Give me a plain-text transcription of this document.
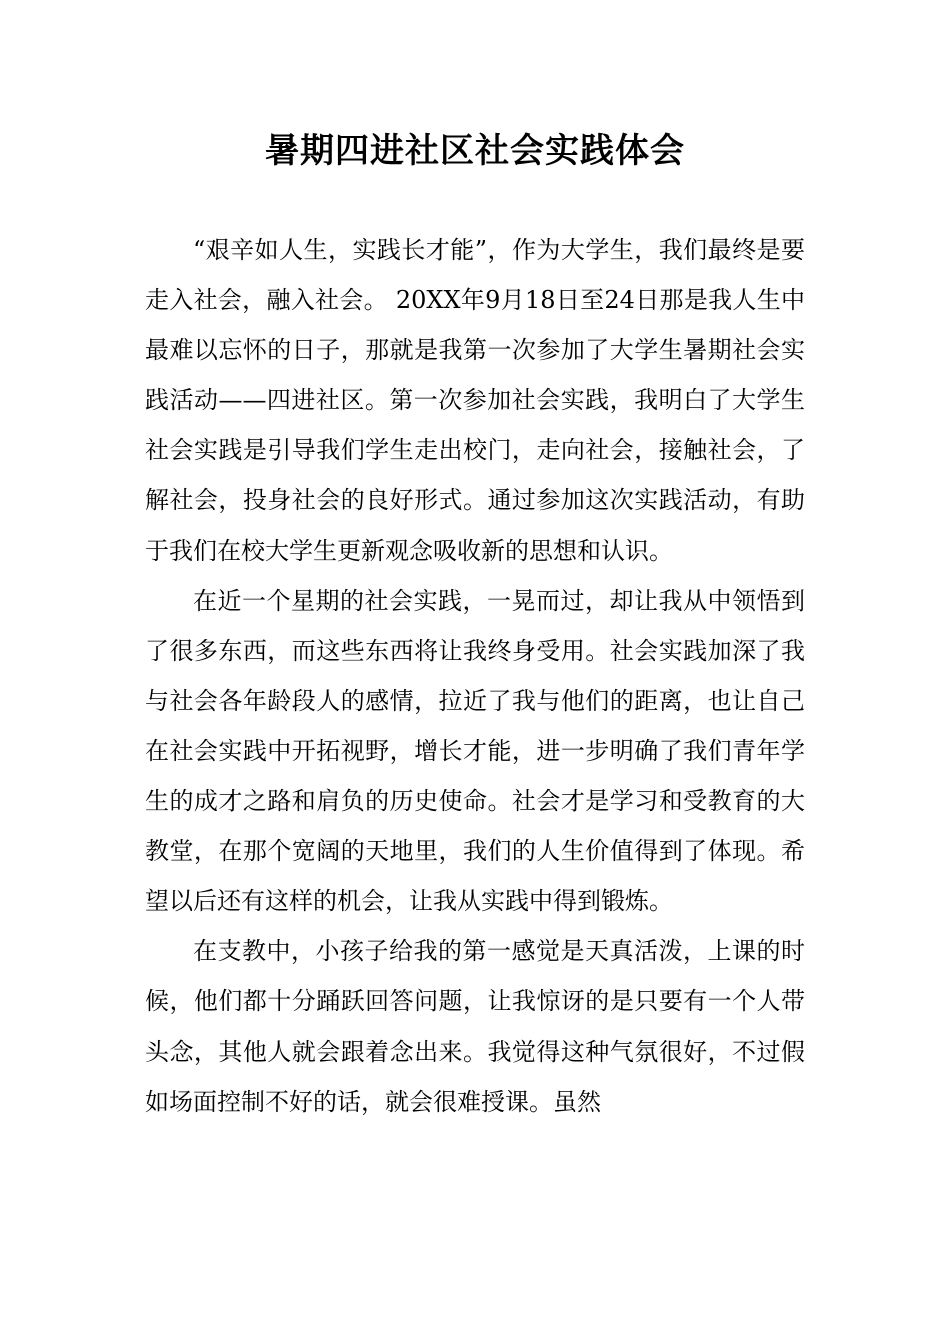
暑期四进社区社会实践体会

“艰辛如人生，实践长才能”，作为大学生，我们最终是要走入社会，融入社会。 20XX年9月18日至24日那是我人生中最难以忘怀的日子，那就是我第一次参加了大学生暑期社会实践活动——四进社区。第一次参加社会实践，我明白了大学生社会实践是引导我们学生走出校门，走向社会，接触社会，了解社会，投身社会的良好形式。通过参加这次实践活动，有助于我们在校大学生更新观念吸收新的思想和认识。

在近一个星期的社会实践，一晃而过，却让我从中领悟到了很多东西，而这些东西将让我终身受用。社会实践加深了我与社会各年龄段人的感情，拉近了我与他们的距离，也让自己在社会实践中开拓视野，增长才能，进一步明确了我们青年学生的成才之路和肩负的历史使命。社会才是学习和受教育的大教堂，在那个宽阔的天地里，我们的人生价值得到了体现。希望以后还有这样的机会，让我从实践中得到锻炼。

在支教中，小孩子给我的第一感觉是天真活泼，上课的时候，他们都十分踊跃回答问题，让我惊讶的是只要有一个人带头念，其他人就会跟着念出来。我觉得这种气氛很好，不过假如场面控制不好的话，就会很难授课。虽然
